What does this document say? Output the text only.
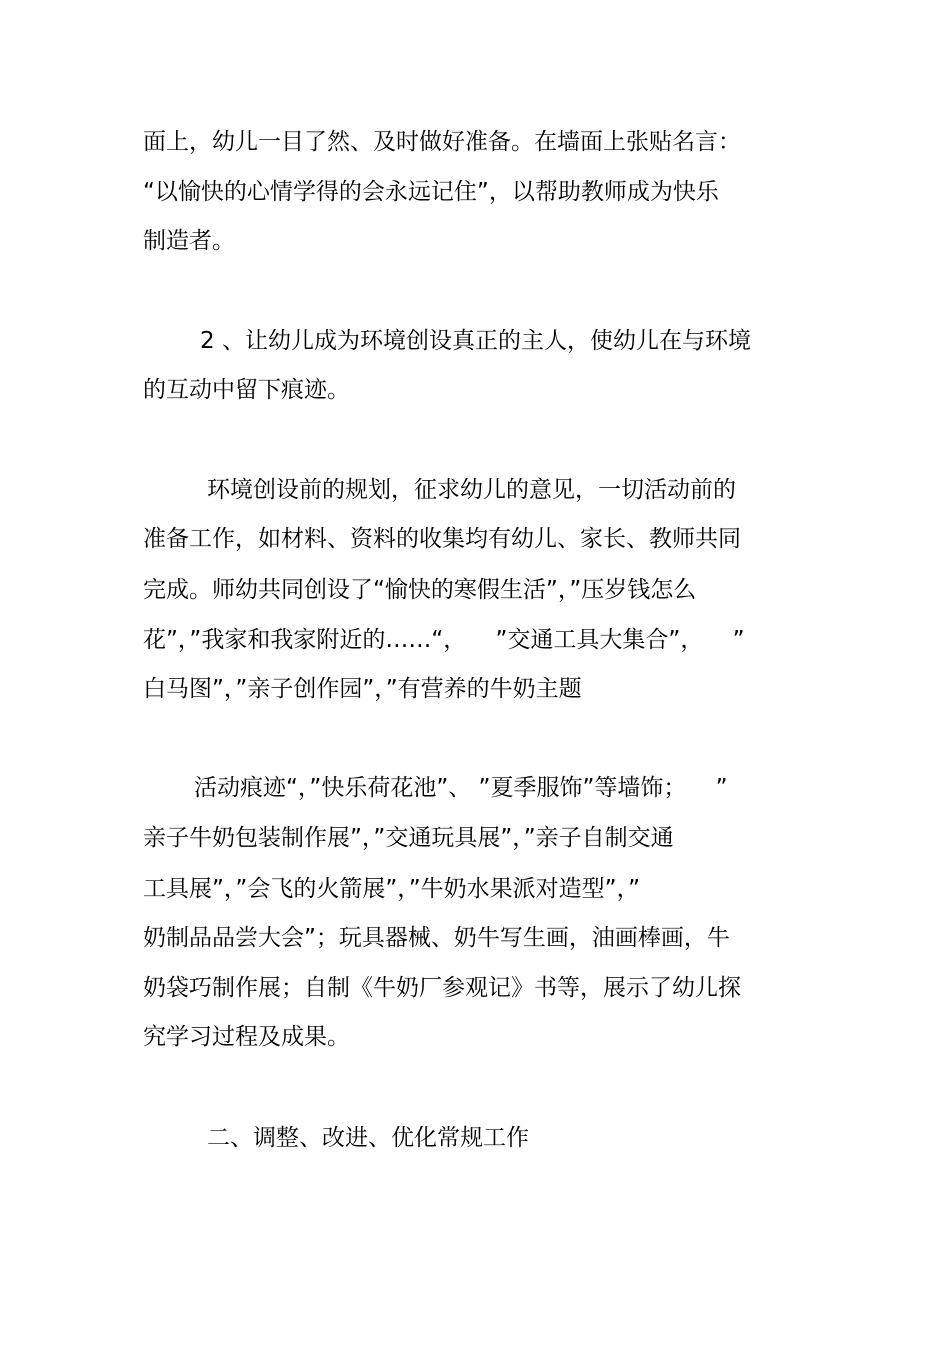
面上，幼儿一目了然、及时做好准备。在墙面上张贴名言：
“以愉快的心情学得的会永远记住”，以帮助教师成为快乐
制造者。
2 、让幼儿成为环境创设真正的主人，使幼儿在与环境
的互动中留下痕迹。
环境创设前的规划，征求幼儿的意见，一切活动前的
准备工作，如材料、资料的收集均有幼儿、家长、教师共同
完成。师幼共同创设了“愉快的寒假生活”，”压岁钱怎么
花”，”我家和我家附近的……“，    ”交通工具大集合”，    ”
白马图”，”亲子创作园”，”有营养的牛奶主题
活动痕迹“，”快乐荷花池”、 ”夏季服饰”等墙饰；    ”
亲子牛奶包装制作展”，”交通玩具展”，”亲子自制交通
工具展”，”会飞的火箭展”，”牛奶水果派对造型”，”
奶制品品尝大会”；玩具器械、奶牛写生画，油画棒画，牛
奶袋巧制作展；自制《牛奶厂参观记》书等，展示了幼儿探
究学习过程及成果。
二、调整、改进、优化常规工作
